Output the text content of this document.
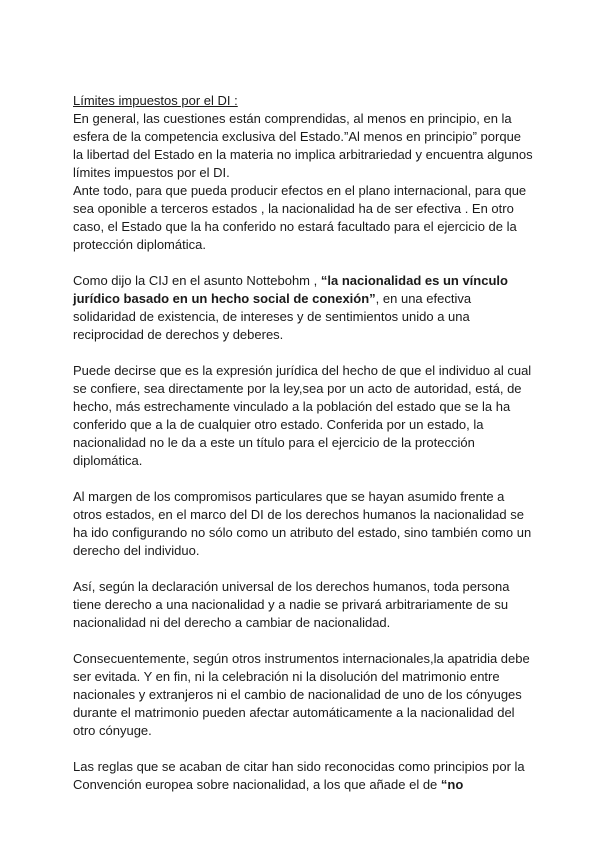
Límites impuestos por el DI :

En general, las cuestiones están comprendidas, al menos en principio, en la esfera de la competencia exclusiva del Estado.”Al menos en principio” porque la libertad del Estado en la materia no implica arbitrariedad y encuentra algunos límites impuestos por el DI.

Ante todo, para que pueda producir efectos en el plano internacional, para que sea oponible a terceros estados , la nacionalidad ha de ser efectiva . En otro caso, el Estado que la ha conferido no estará facultado para el ejercicio de la protección diplomática.

Como dijo la CIJ en el asunto Nottebohm , “la nacionalidad es un vínculo jurídico basado en un hecho social de conexión”, en una efectiva solidaridad de existencia, de intereses y de sentimientos unido a una reciprocidad de derechos y deberes.

Puede decirse que es la expresión jurídica del hecho de que el individuo al cual se confiere, sea directamente por la ley,sea por un acto de autoridad, está, de hecho, más estrechamente vinculado a la población del estado que se la ha conferido que a la de cualquier otro estado. Conferida por un estado, la nacionalidad no le da a este un título para el ejercicio de la protección diplomática.

Al margen de los compromisos particulares que se hayan asumido frente a otros estados, en el marco del DI de los derechos humanos la nacionalidad se ha ido configurando no sólo como un atributo del estado, sino también como un derecho del individuo.

Así, según la declaración universal de los derechos humanos, toda persona tiene derecho a una nacionalidad y a nadie se privará arbitrariamente de su nacionalidad ni del derecho a cambiar de nacionalidad.

Consecuentemente, según otros instrumentos internacionales,la apatridia debe ser evitada. Y en fin, ni la celebración ni la disolución del matrimonio entre nacionales y extranjeros ni el cambio de nacionalidad de uno de los cónyuges durante el matrimonio pueden afectar automáticamente a la nacionalidad del otro cónyuge.

Las reglas que se acaban de citar han sido reconocidas como principios por la Convención europea sobre nacionalidad, a los que añade el de “no
